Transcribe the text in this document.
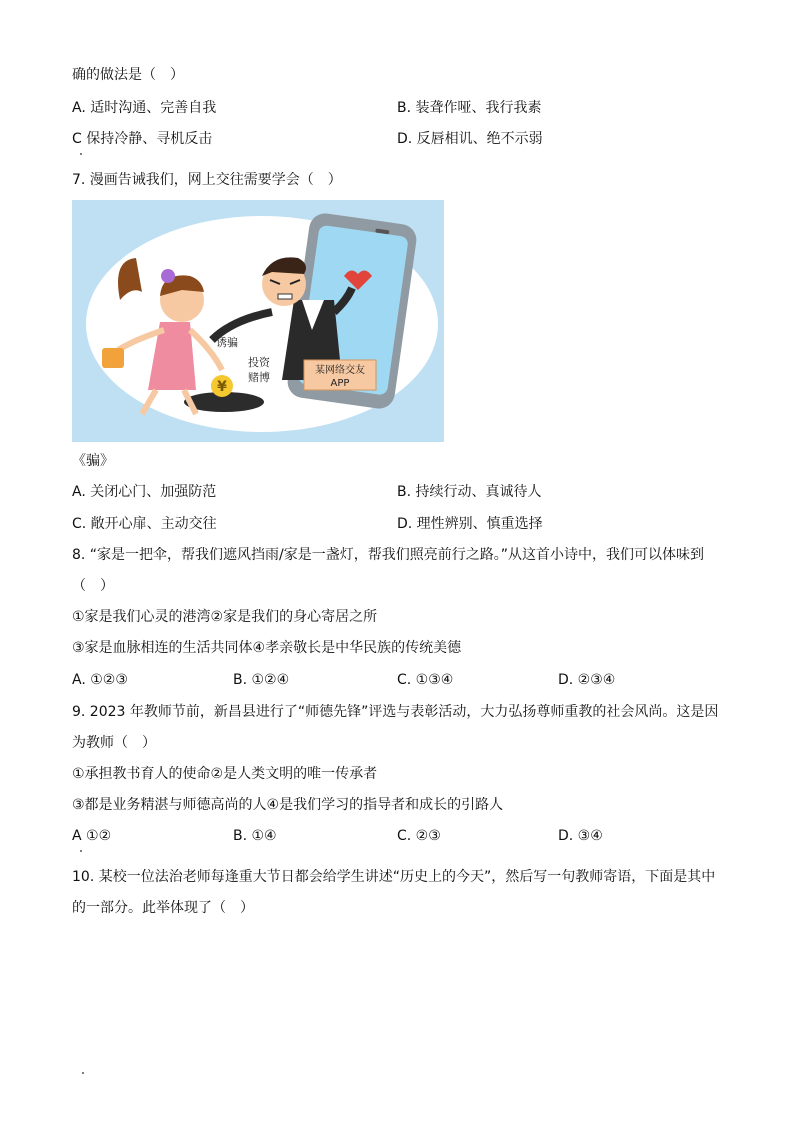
确的做法是（　）
A. 适时沟通、完善自我	B. 装聋作哑、我行我素
C 保持冷静、寻机反击	D. 反唇相讥、绝不示弱
7. 漫画告诫我们，网上交往需要学会（　）
¥
诱骗
投资
赌博
某网络交友
APP
《骗》
A. 关闭心门、加强防范	B. 持续行动、真诚待人
C. 敞开心扉、主动交往	D. 理性辨别、慎重选择
8. “家是一把伞，帮我们遮风挡雨/家是一盏灯，帮我们照亮前行之路。”从这首小诗中，我们可以体味到
（　）
①家是我们心灵的港湾②家是我们的身心寄居之所
③家是血脉相连的生活共同体④孝亲敬长是中华民族的传统美德
A. ①②③	B. ①②④	C. ①③④	D. ②③④
9. 2023 年教师节前，新昌县进行了“师德先锋”评选与表彰活动，大力弘扬尊师重教的社会风尚。这是因
为教师（　）
①承担教书育人的使命②是人类文明的唯一传承者
③都是业务精湛与师德高尚的人④是我们学习的指导者和成长的引路人
A ①②	B. ①④	C. ②③	D. ③④
10. 某校一位法治老师每逢重大节日都会给学生讲述“历史上的今天”，然后写一句教师寄语，下面是其中
的一部分。此举体现了（　）
